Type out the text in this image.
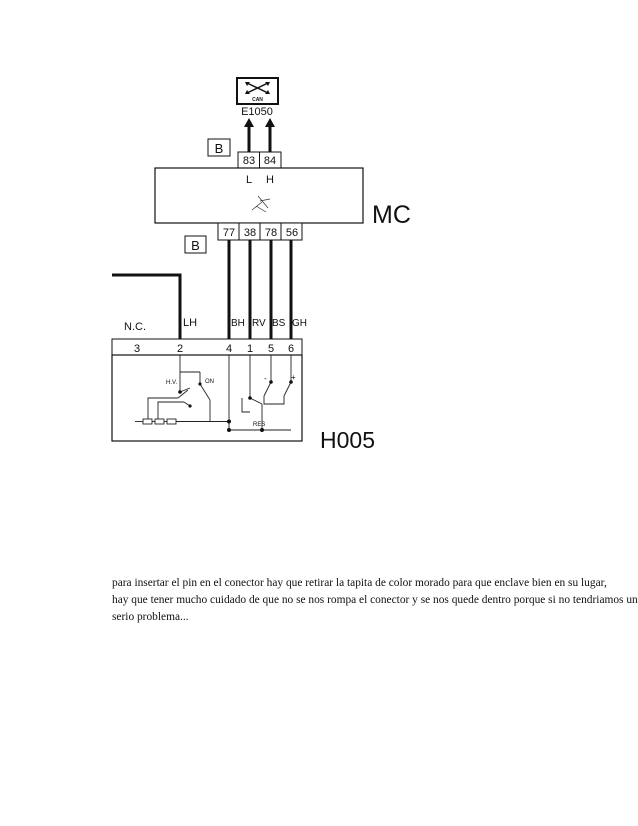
CAN
E1050
B
83 84
L H
MC
B
77 38 78 56
N.C.	LH	BH RV BS GH
3	2	4 1 5 6
H.V.	ON	-	+
RES
H005

para insertar el pin en el conector hay que retirar la tapita de color morado para que enclave bien en su lugar,
hay que tener mucho cuidado de que no se nos rompa el conector y se nos quede dentro porque si no tendriamos un
serio problema...
